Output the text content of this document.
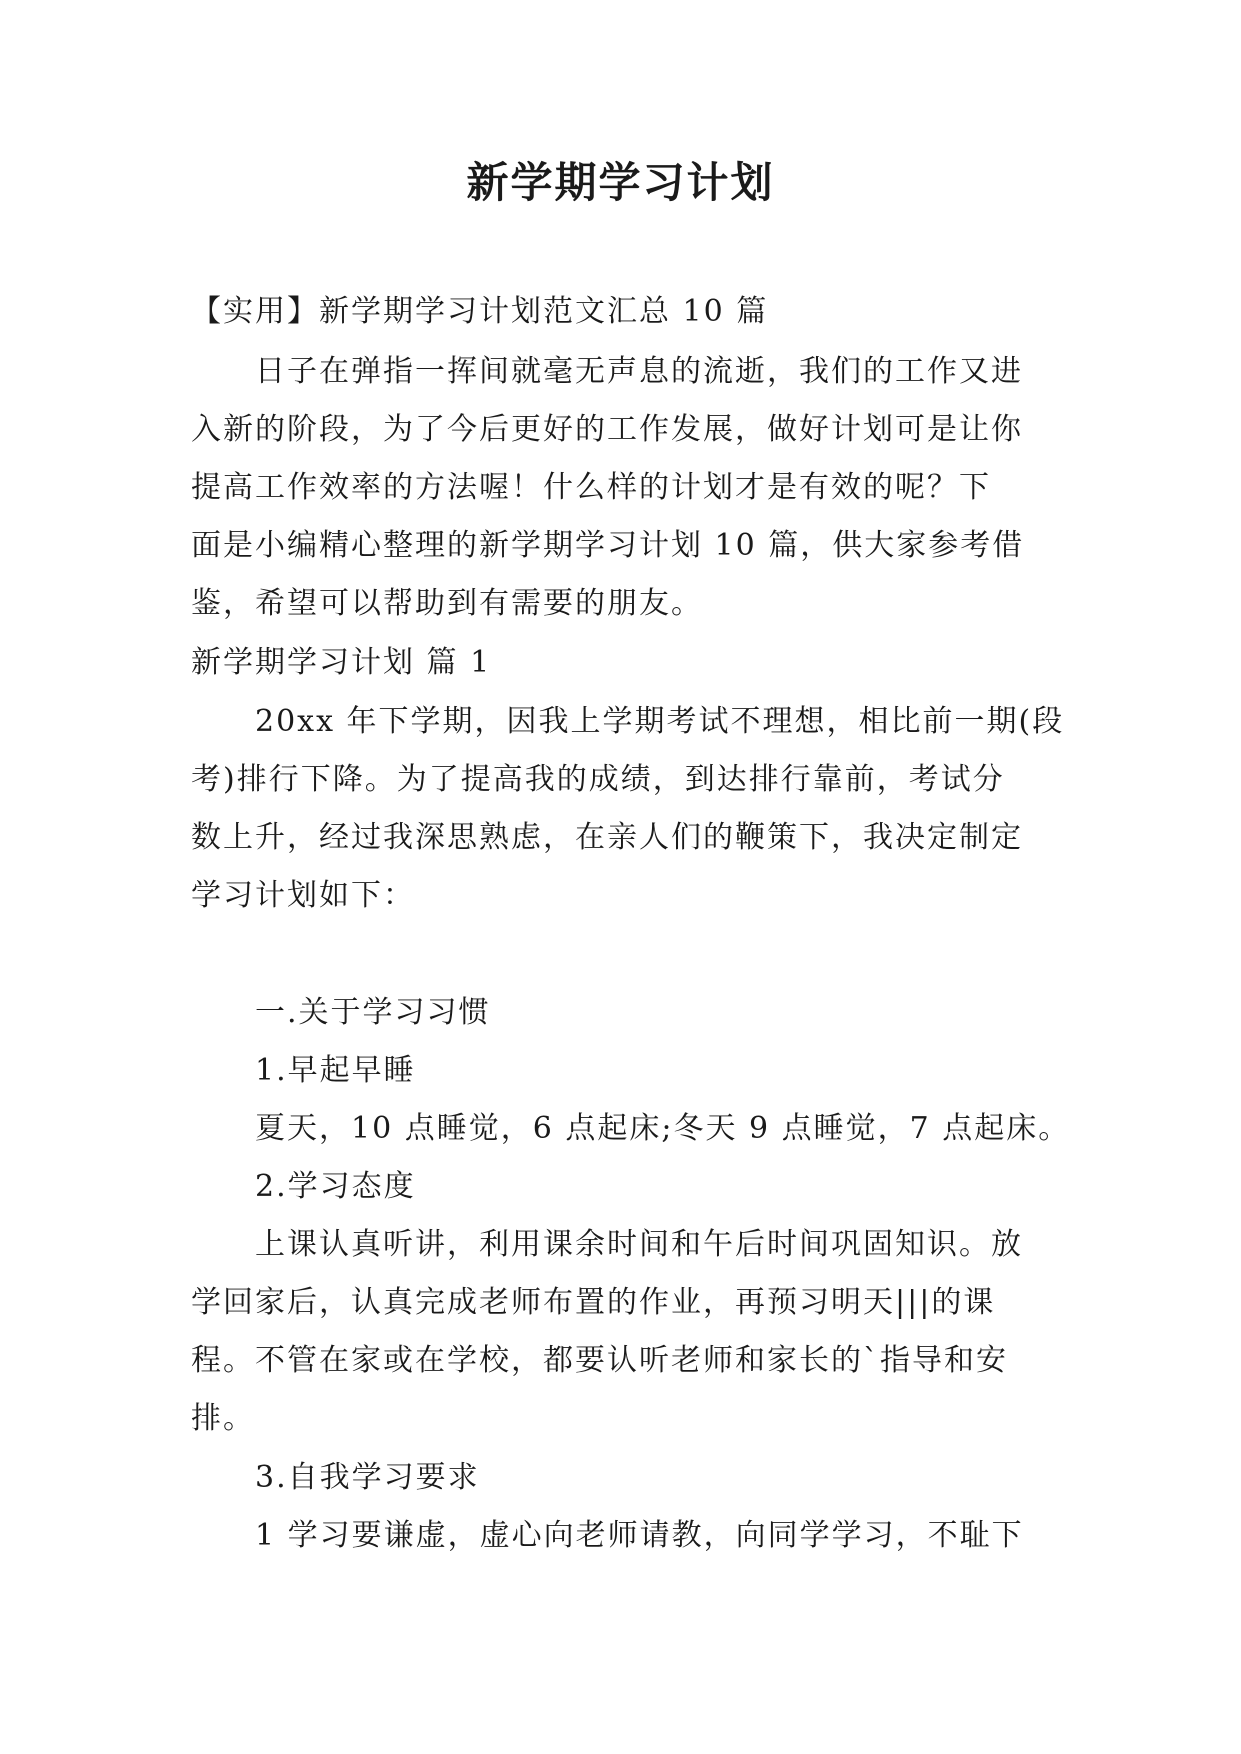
新学期学习计划

【实用】新学期学习计划范文汇总 10 篇

日子在弹指一挥间就毫无声息的流逝，我们的工作又进

入新的阶段，为了今后更好的工作发展，做好计划可是让你

提高工作效率的方法喔！什么样的计划才是有效的呢？下

面是小编精心整理的新学期学习计划 10 篇，供大家参考借

鉴，希望可以帮助到有需要的朋友。

新学期学习计划 篇 1

20xx 年下学期，因我上学期考试不理想，相比前一期(段

考)排行下降。为了提高我的成绩，到达排行靠前，考试分

数上升，经过我深思熟虑，在亲人们的鞭策下，我决定制定

学习计划如下：

一.关于学习习惯

1.早起早睡

夏天，10 点睡觉，6 点起床;冬天 9 点睡觉，7 点起床。

2.学习态度

上课认真听讲，利用课余时间和午后时间巩固知识。放

学回家后，认真完成老师布置的作业，再预习明天|||的课

程。不管在家或在学校，都要认听老师和家长的`指导和安

排。

3.自我学习要求

1 学习要谦虚，虚心向老师请教，向同学学习，不耻下
